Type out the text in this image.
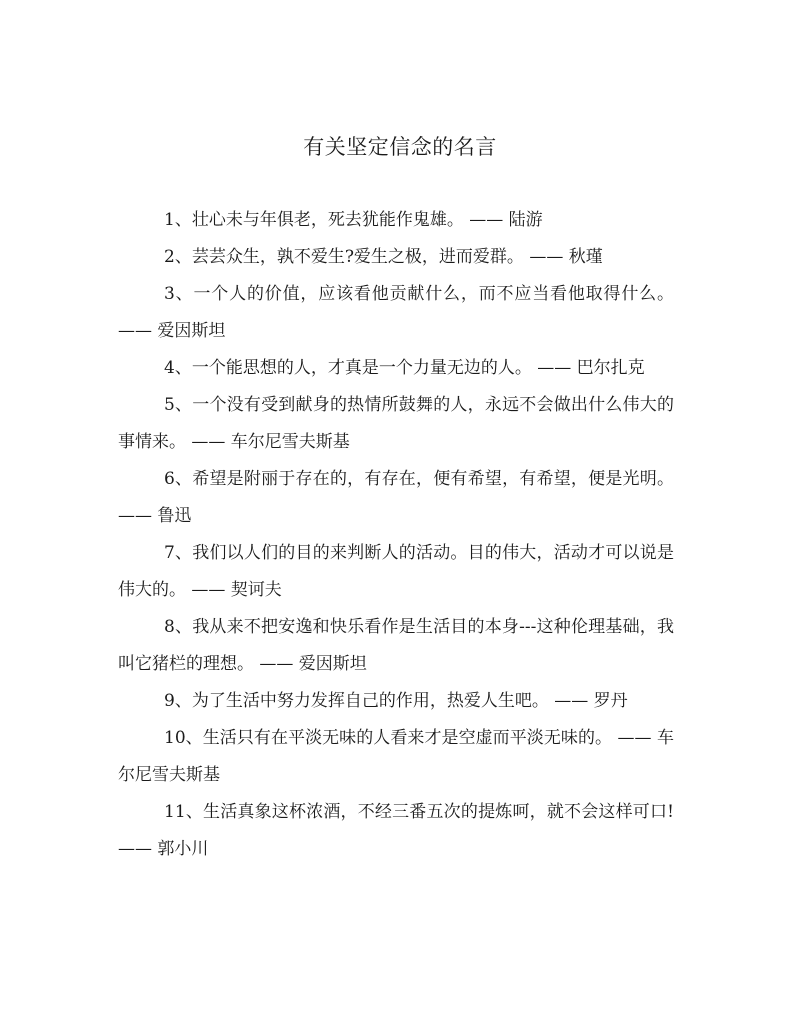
有关坚定信念的名言
1、壮心未与年俱老，死去犹能作鬼雄。 —— 陆游
2、芸芸众生，孰不爱生?爱生之极，进而爱群。 —— 秋瑾
3、一个人的价值，应该看他贡献什么，而不应当看他取得什么。 —— 爱因斯坦
4、一个能思想的人，才真是一个力量无边的人。 —— 巴尔扎克
5、一个没有受到献身的热情所鼓舞的人，永远不会做出什么伟大的事情来。 —— 车尔尼雪夫斯基
6、希望是附丽于存在的，有存在，便有希望，有希望，便是光明。 —— 鲁迅
7、我们以人们的目的来判断人的活动。目的伟大，活动才可以说是伟大的。 —— 契诃夫
8、我从来不把安逸和快乐看作是生活目的本身---这种伦理基础，我叫它猪栏的理想。 —— 爱因斯坦
9、为了生活中努力发挥自己的作用，热爱人生吧。 —— 罗丹
10、生活只有在平淡无味的人看来才是空虚而平淡无味的。 —— 车尔尼雪夫斯基
11、生活真象这杯浓酒，不经三番五次的提炼呵，就不会这样可口! —— 郭小川
